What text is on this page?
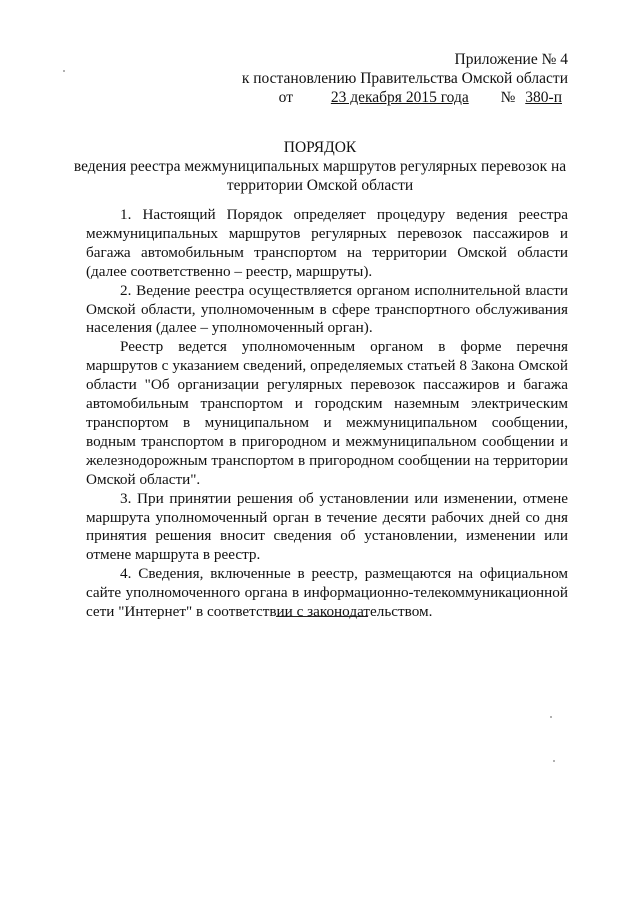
Приложение № 4
к постановлению Правительства Омской области
от 23 декабря 2015 года № 380-п
ПОРЯДОК
ведения реестра межмуниципальных маршрутов регулярных перевозок на
территории Омской области

1. Настоящий Порядок определяет процедуру ведения реестра межмуниципальных маршрутов регулярных перевозок пассажиров и багажа автомобильным транспортом на территории Омской области (далее соответственно – реестр, маршруты).

2. Ведение реестра осуществляется органом исполнительной власти Омской области, уполномоченным в сфере транспортного обслуживания населения (далее – уполномоченный орган).

Реестр ведется уполномоченным органом в форме перечня маршрутов с указанием сведений, определяемых статьей 8 Закона Омской области "Об организации регулярных перевозок пассажиров и багажа автомобильным транспортом и городским наземным электрическим транспортом в муниципальном и межмуниципальном сообщении, водным транспортом в пригородном и межмуниципальном сообщении и железнодорожным транспортом в пригородном сообщении на территории Омской области".

3. При принятии решения об установлении или изменении, отмене маршрута уполномоченный орган в течение десяти рабочих дней со дня принятия решения вносит сведения об установлении, изменении или отмене маршрута в реестр.

4. Сведения, включенные в реестр, размещаются на официальном сайте уполномоченного органа в информационно-телекоммуникационной сети "Интернет" в соответствии с законодательством.
